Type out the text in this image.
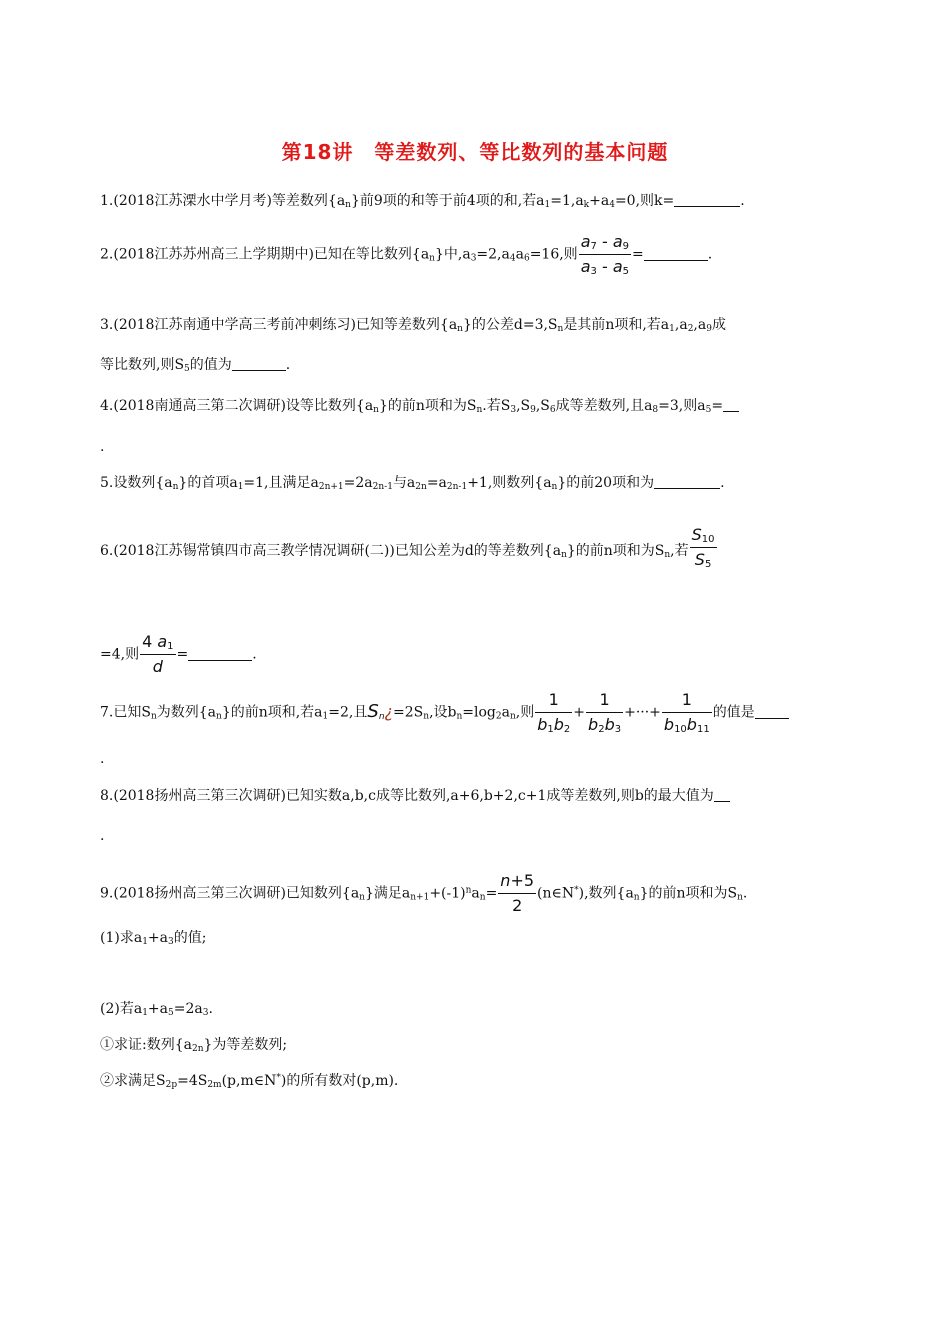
第18讲　等差数列、等比数列的基本问题
1.(2018江苏溧水中学月考)等差数列$\{a_n\}$前9项的和等于前4项的和,若$a_1=1,a_k+a_4=0$,则k=	.
2.(2018江苏苏州高三上学期期中)已知在等比数列$\{a_n\}$中$,a_3=2,a_4a_6=16$,则 $\frac{a_7 - a_9}{a_3 - a_5}$ =	.
3.(2018江苏南通中学高三考前冲刺练习)已知等差数列$\{a_n\}$的公差$d=3,S_n$是其前n项和,若$a_1,a_2,a_9$成
等比数列,则$S_5$的值为	.
4.(2018南通高三第二次调研)设等比数列$\{a_n\}$的前n项和为$S_n$.若$S_3,S_9,S_6$成等差数列,且$a_8=3$,则$a_5=$
.
5.设数列$\{a_n\}$的首项$a_1=1$,且满足$a_{2n+1}=2a_{2n-1}$与$a_{2n}=a_{2n-1}+1$,则数列$\{a_n\}$的前20项和为	.
6.(2018江苏锡常镇四市高三教学情况调研(二))已知公差为d的等差数列$\{a_n\}$的前n项和为$S_n$,若 $\frac{S_{10}}{S_5}$
=4,则 $\frac{4 a_1}{d}$ =	.
7.已知$S_n$为数列$\{a_n\}$的前n项和,若$a_1=2$,且$S_n¿=2S_n$,设$b_n=\log_2a_n$,则 $\frac{1}{b_1b_2} + \frac{1}{b_2b_3}$ +···+ $\frac{1}{b_{10}b_{11}}$ 的值是
.
8.(2018扬州高三第三次调研)已知实数a,b,c成等比数列,a+6,b+2,c+1成等差数列,则b的最大值为
.
9.(2018扬州高三第三次调研)已知数列$\{a_n\}$满足$a_{n+1}+(-1)^na_n= \frac{n+5}{2}$ (n∈N*),数列$\{a_n\}$的前n项和为$S_n$.
(1)求$a_1+a_3$的值;
(2)若$a_1+a_5=2a_3$.
①求证:数列$\{a_{2n}\}$为等差数列;
②求满足$S_{2p}=4S_{2m}(p,m\in N^*)$的所有数对(p,m).
